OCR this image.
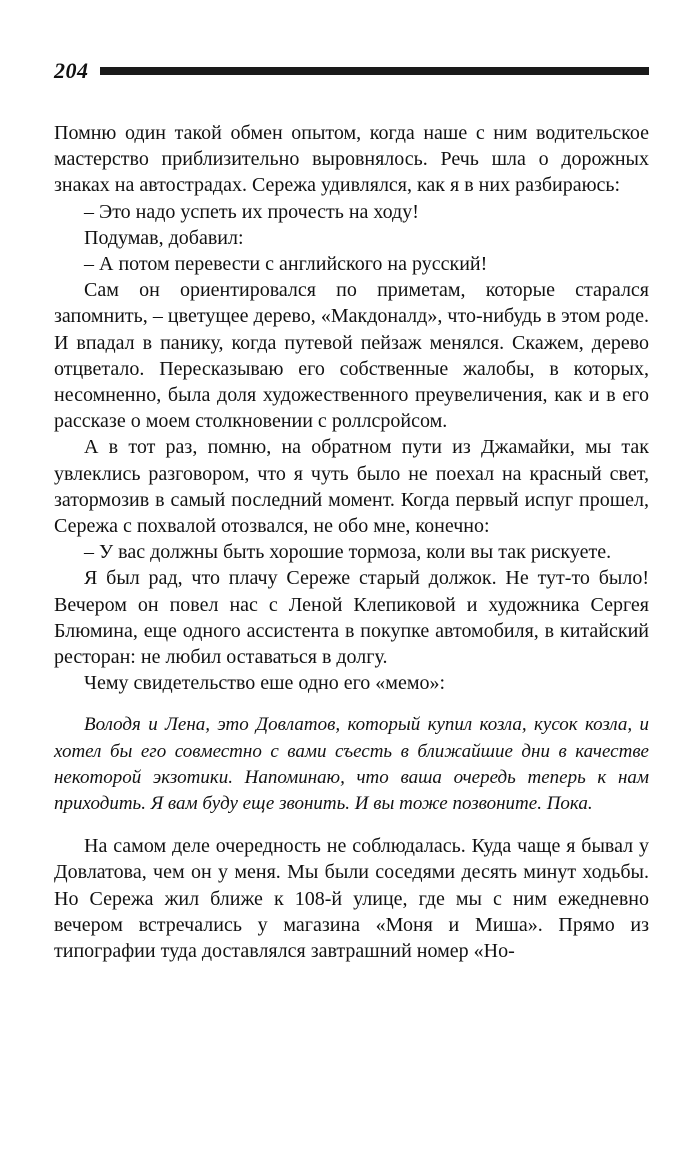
204

Помню один такой обмен опытом, когда наше с ним водительское мастерство приблизительно выровнялось. Речь шла о дорожных знаках на автострадах. Сережа удивлялся, как я в них разбираюсь:

– Это надо успеть их прочесть на ходу!

Подумав, добавил:

– А потом перевести с английского на русский!

Сам он ориентировался по приметам, которые старался запомнить, – цветущее дерево, «Макдоналд», что-нибудь в этом роде. И впадал в панику, когда путевой пейзаж менялся. Скажем, дерево отцветало. Пересказываю его собственные жалобы, в которых, несомненно, была доля художественного преувеличения, как и в его рассказе о моем столкновении с роллсройсом.

А в тот раз, помню, на обратном пути из Джамайки, мы так увлеклись разговором, что я чуть было не поехал на красный свет, затормозив в самый последний момент. Когда первый испуг прошел, Сережа с похвалой отозвался, не обо мне, конечно:

– У вас должны быть хорошие тормоза, коли вы так рискуете.

Я был рад, что плачу Сереже старый должок. Не тут-то было! Вечером он повел нас с Леной Клепиковой и художника Сергея Блюмина, еще одного ассистента в покупке автомобиля, в китайский ресторан: не любил оставаться в долгу.

Чему свидетельство еше одно его «мемо»:

Володя и Лена, это Довлатов, который купил козла, кусок козла, и хотел бы его совместно с вами съесть в ближайшие дни в качестве некоторой экзотики. Напоминаю, что ваша очередь теперь к нам приходить. Я вам буду еще звонить. И вы тоже позвоните. Пока.

На самом деле очередность не соблюдалась. Куда чаще я бывал у Довлатова, чем он у меня. Мы были соседями десять минут ходьбы. Но Сережа жил ближе к 108-й улице, где мы с ним ежедневно вечером встречались у магазина «Моня и Миша». Прямо из типографии туда доставлялся завтрашний номер «Но-
